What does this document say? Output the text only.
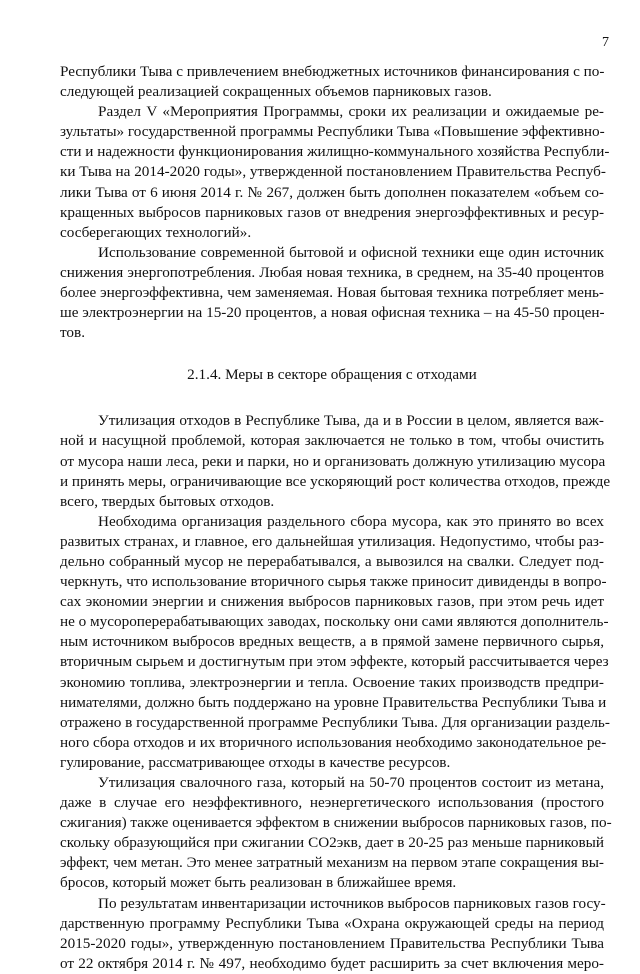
7
Республики Тыва с привлечением внебюджетных источников финансирования с по-
следующей реализацией сокращенных объемов парниковых газов.
Раздел V «Мероприятия Программы, сроки их реализации и ожидаемые ре-
зультаты» государственной программы Республики Тыва «Повышение эффективно-
сти и надежности функционирования жилищно-коммунального хозяйства Республи-
ки Тыва на 2014-2020 годы», утвержденной постановлением Правительства Респуб-
лики Тыва от 6 июня 2014 г. № 267, должен быть дополнен показателем «объем со-
кращенных выбросов парниковых газов от внедрения энергоэффективных и ресур-
сосберегающих технологий».
Использование современной бытовой и офисной техники еще один источник
снижения энергопотребления. Любая новая техника, в среднем, на 35-40 процентов
более энергоэффективна, чем заменяемая. Новая бытовая техника потребляет мень-
ше электроэнергии на 15-20 процентов, а новая офисная техника – на 45-50 процен-
тов.
2.1.4. Меры в секторе обращения с отходами
Утилизация отходов в Республике Тыва, да и в России в целом, является важ-
ной и насущной проблемой, которая заключается не только в том, чтобы очистить
от мусора наши леса, реки и парки, но и организовать должную утилизацию мусора
и принять меры, ограничивающие все ускоряющий рост количества отходов, прежде
всего, твердых бытовых отходов.
Необходима организация раздельного сбора мусора, как это принято во всех
развитых странах, и главное, его дальнейшая утилизация. Недопустимо, чтобы раз-
дельно собранный мусор не перерабатывался, а вывозился на свалки. Следует под-
черкнуть, что использование вторичного сырья также приносит дивиденды в вопро-
сах экономии энергии и снижения выбросов парниковых газов, при этом речь идет
не о мусороперерабатывающих заводах, поскольку они сами являются дополнитель-
ным источником выбросов вредных веществ, а в прямой замене первичного сырья,
вторичным сырьем и достигнутым при этом эффекте, который рассчитывается через
экономию топлива, электроэнергии и тепла. Освоение таких производств предпри-
нимателями, должно быть поддержано на уровне Правительства Республики Тыва и
отражено в государственной программе Республики Тыва. Для организации раздель-
ного сбора отходов и их вторичного использования необходимо законодательное ре-
гулирование, рассматривающее отходы в качестве ресурсов.
Утилизация свалочного газа, который на 50-70 процентов состоит из метана,
даже в случае его неэффективного, неэнергетического использования (простого
сжигания) также оценивается эффектом в снижении выбросов парниковых газов, по-
скольку образующийся при сжигании СО2экв, дает в 20-25 раз меньше парниковый
эффект, чем метан. Это менее затратный механизм на первом этапе сокращения вы-
бросов, который может быть реализован в ближайшее время.
По результатам инвентаризации источников выбросов парниковых газов госу-
дарственную программу Республики Тыва «Охрана окружающей среды на период
2015-2020 годы», утвержденную постановлением Правительства Республики Тыва
от 22 октября 2014 г. № 497, необходимо будет расширить за счет включения меро-
